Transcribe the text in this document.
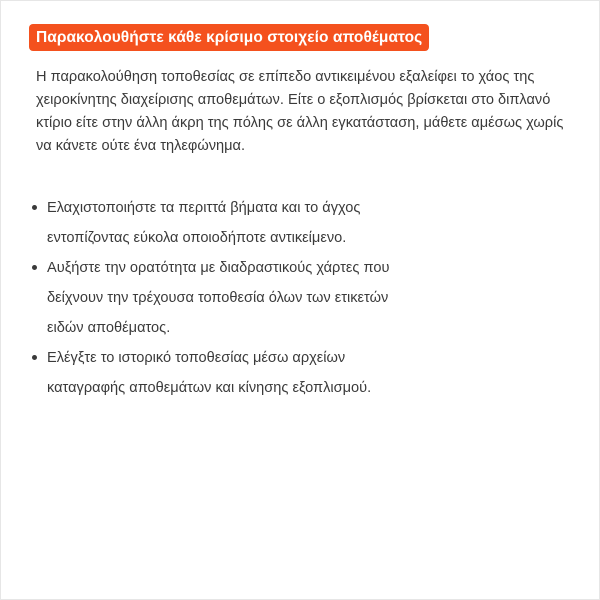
Παρακολουθήστε κάθε κρίσιμο στοιχείο αποθέματος

Η παρακολούθηση τοποθεσίας σε επίπεδο αντικειμένου εξαλείφει το χάος της χειροκίνητης διαχείρισης αποθεμάτων. Είτε ο εξοπλισμός βρίσκεται στο διπλανό κτίριο είτε στην άλλη άκρη της πόλης σε άλλη εγκατάσταση, μάθετε αμέσως χωρίς να κάνετε ούτε ένα τηλεφώνημα.

Ελαχιστοποιήστε τα περιττά βήματα και το άγχος εντοπίζοντας εύκολα οποιοδήποτε αντικείμενο.
Αυξήστε την ορατότητα με διαδραστικούς χάρτες που δείχνουν την τρέχουσα τοποθεσία όλων των ετικετών ειδών αποθέματος.
Ελέγξτε το ιστορικό τοποθεσίας μέσω αρχείων καταγραφής αποθεμάτων και κίνησης εξοπλισμού.
